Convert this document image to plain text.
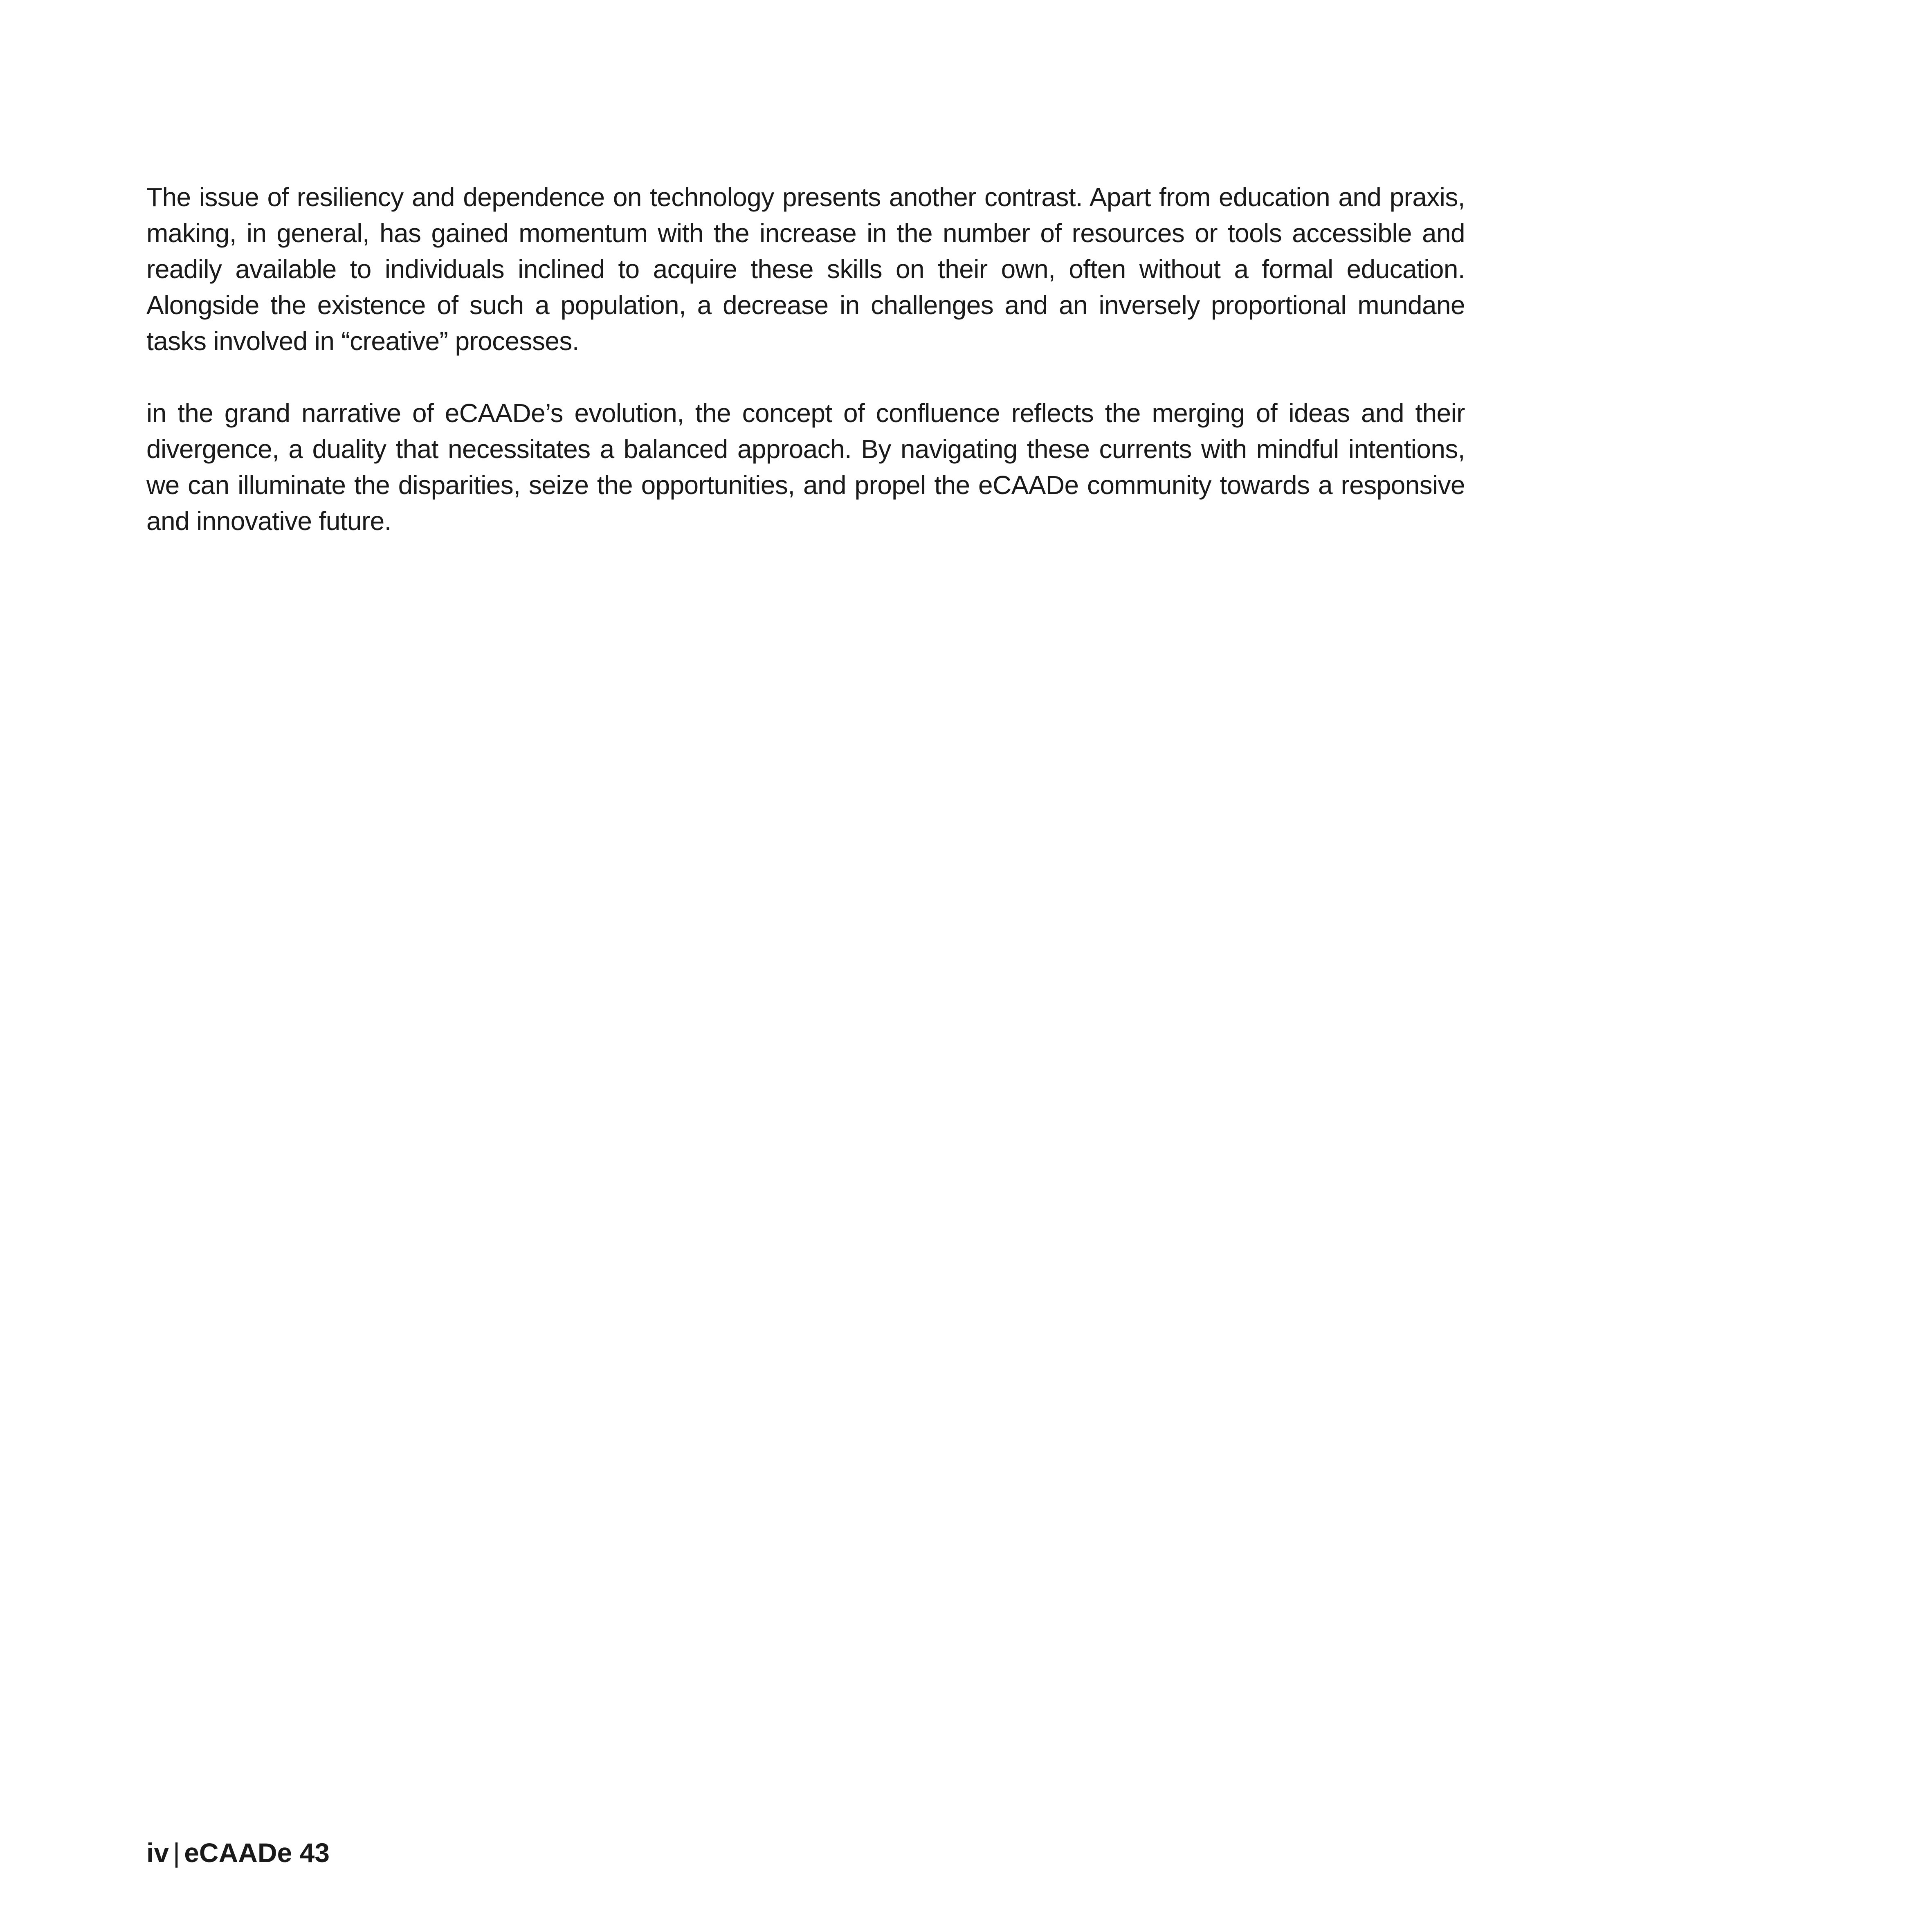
The issue of resiliency and dependence on technology presents another contrast. Apart from education and praxis, making, in general, has gained momentum with the increase in the number of resources or tools accessible and readily available to individuals inclined to acquire these skills on their own, often without a formal education. Alongside the existence of such a population, a decrease in challenges and an inversely proportional mundane tasks involved in “creative” processes.

in the grand narrative of eCAADe’s evolution, the concept of confluence reflects the merging of ideas and their divergence, a duality that necessitates a balanced approach. By navigating these currents with mindful intentions, we can illuminate the disparities, seize the opportunities, and propel the eCAADe community towards a responsive and innovative future.

iv | eCAADe 43
